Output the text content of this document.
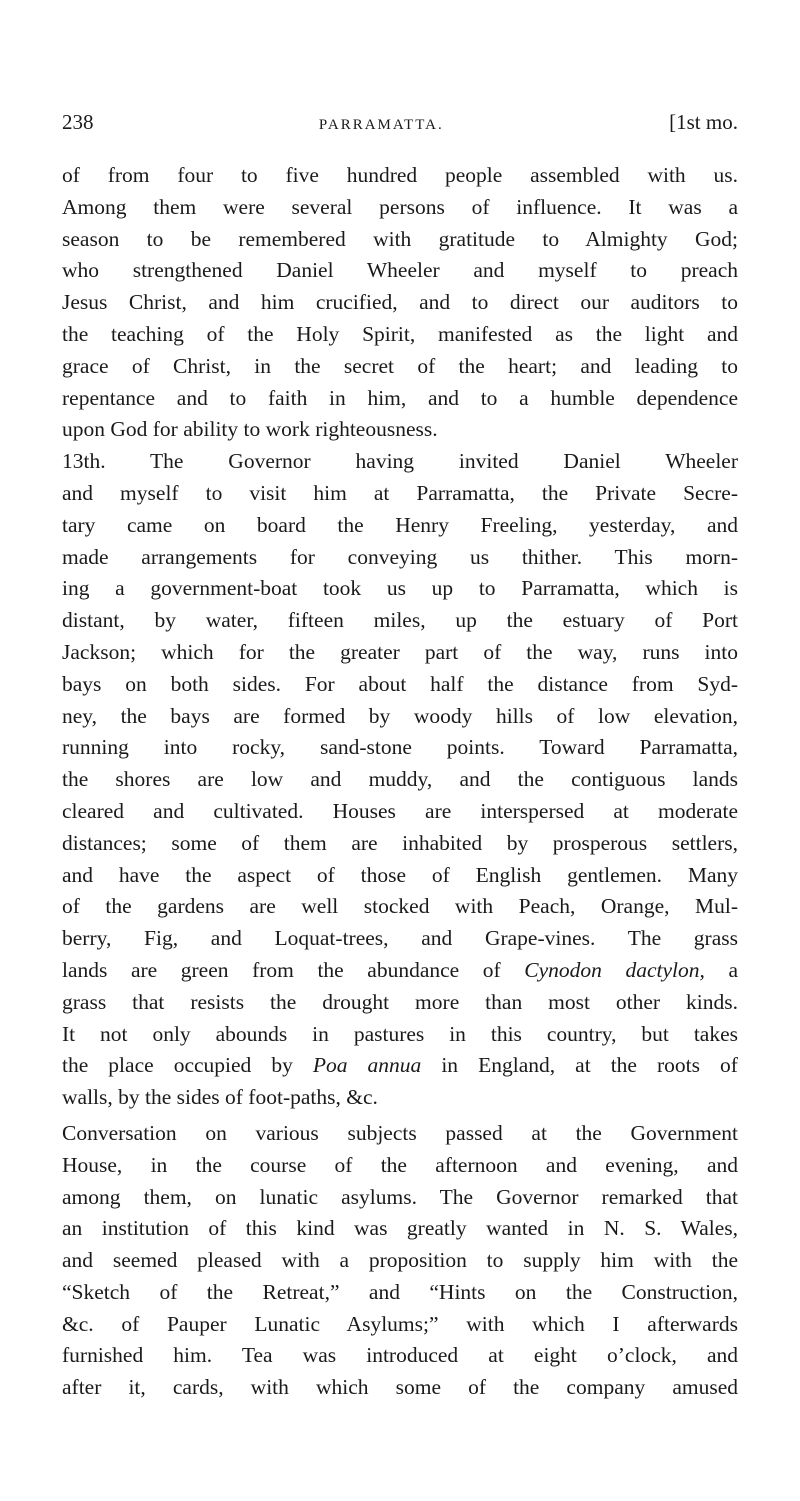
238	PARRAMATTA.	[1st mo.

of from four to five hundred people assembled with us.
Among them were several persons of influence. It was a
season to be remembered with gratitude to Almighty God;
who strengthened Daniel Wheeler and myself to preach
Jesus Christ, and him crucified, and to direct our auditors to
the teaching of the Holy Spirit, manifested as the light and
grace of Christ, in the secret of the heart; and leading to
repentance and to faith in him, and to a humble dependence
upon God for ability to work righteousness.

13th. The Governor having invited Daniel Wheeler
and myself to visit him at Parramatta, the Private Secre-
tary came on board the Henry Freeling, yesterday, and
made arrangements for conveying us thither. This morn-
ing a government-boat took us up to Parramatta, which is
distant, by water, fifteen miles, up the estuary of Port
Jackson; which for the greater part of the way, runs into
bays on both sides. For about half the distance from Syd-
ney, the bays are formed by woody hills of low elevation,
running into rocky, sand-stone points. Toward Parramatta,
the shores are low and muddy, and the contiguous lands
cleared and cultivated. Houses are interspersed at moderate
distances; some of them are inhabited by prosperous settlers,
and have the aspect of those of English gentlemen. Many
of the gardens are well stocked with Peach, Orange, Mul-
berry, Fig, and Loquat-trees, and Grape-vines. The grass
lands are green from the abundance of Cynodon dactylon, a
grass that resists the drought more than most other kinds.
It not only abounds in pastures in this country, but takes
the place occupied by Poa annua in England, at the roots of
walls, by the sides of foot-paths, &c.

Conversation on various subjects passed at the Government
House, in the course of the afternoon and evening, and
among them, on lunatic asylums. The Governor remarked that
an institution of this kind was greatly wanted in N. S. Wales,
and seemed pleased with a proposition to supply him with the
“Sketch of the Retreat,” and “Hints on the Construction,
&c. of Pauper Lunatic Asylums;” with which I afterwards
furnished him. Tea was introduced at eight o’clock, and
after it, cards, with which some of the company amused
